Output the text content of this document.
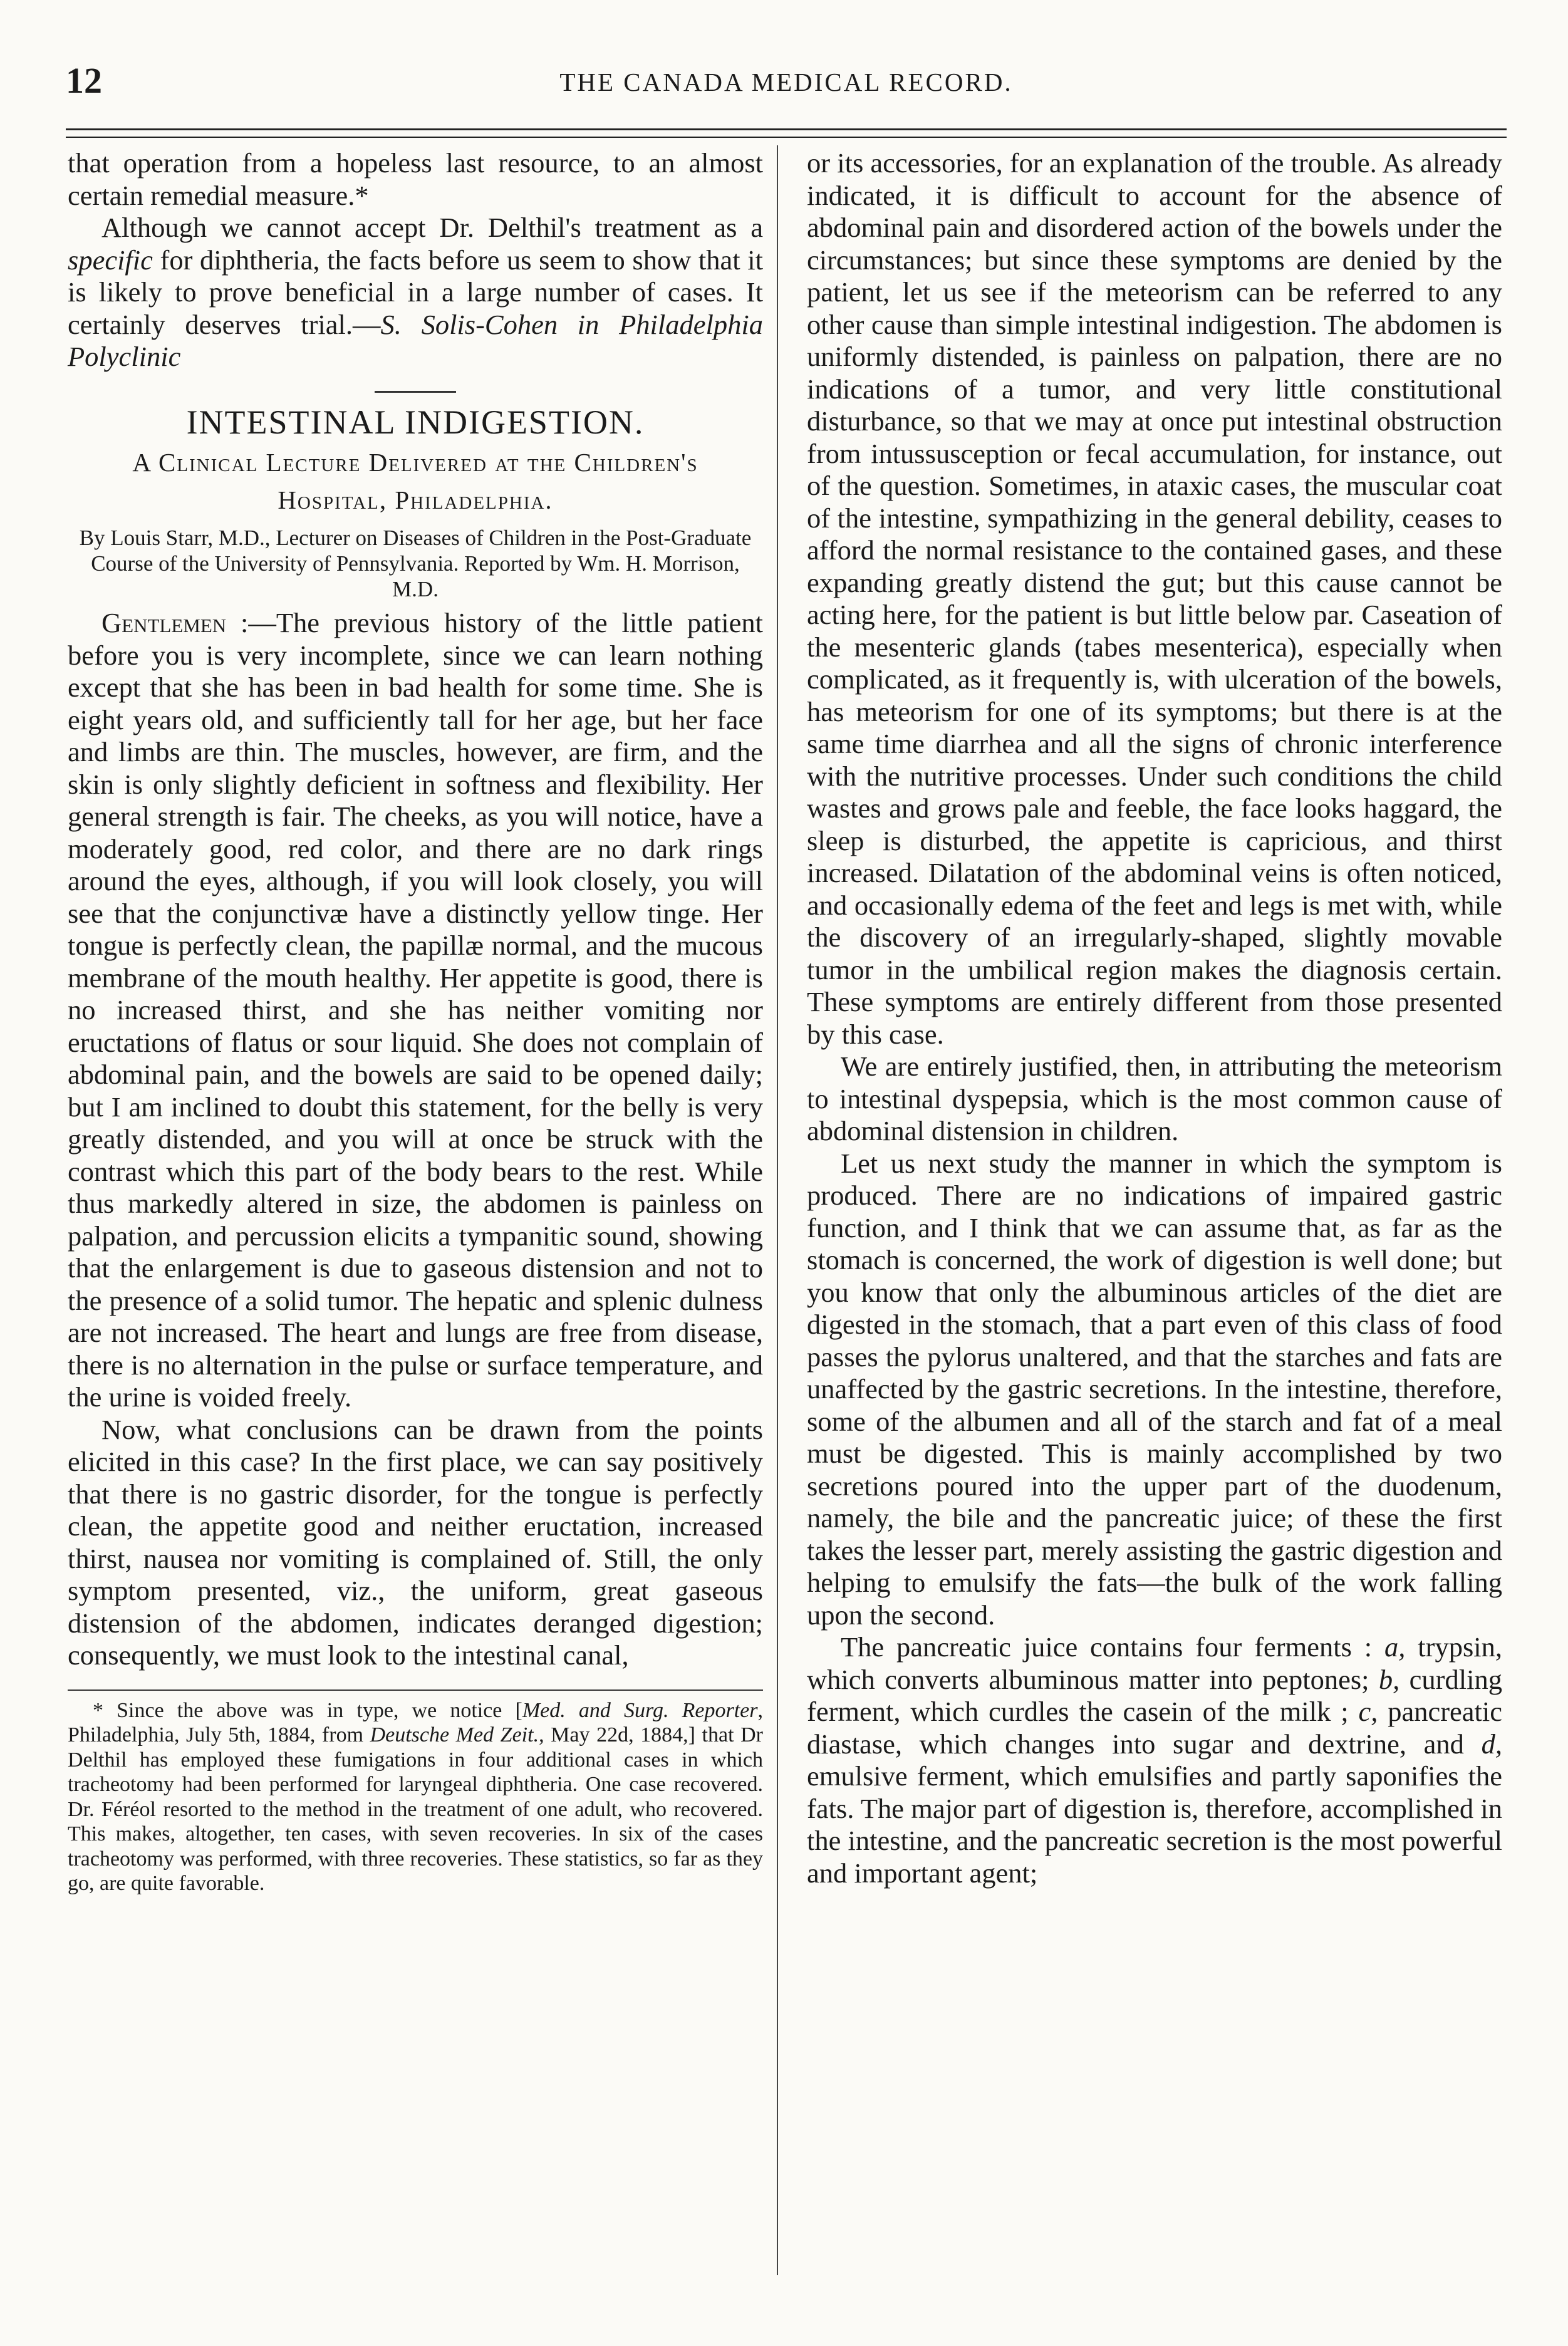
12	THE CANADA MEDICAL RECORD.

that operation from a hopeless last resource, to an almost certain remedial measure.*

Although we cannot accept Dr. Delthil's treatment as a specific for diphtheria, the facts before us seem to show that it is likely to prove beneficial in a large number of cases. It certainly deserves trial.—S. Solis-Cohen in Philadelphia Polyclinic

INTESTINAL INDIGESTION.
A Clinical Lecture Delivered at the Children's Hospital, Philadelphia.
By Louis Starr, M.D., Lecturer on Diseases of Children in the Post-Graduate Course of the University of Pennsylvania. Reported by Wm. H. Morrison, M.D.

Gentlemen :—The previous history of the little patient before you is very incomplete, since we can learn nothing except that she has been in bad health for some time. She is eight years old, and sufficiently tall for her age, but her face and limbs are thin. The muscles, however, are firm, and the skin is only slightly deficient in softness and flexibility. Her general strength is fair. The cheeks, as you will notice, have a moderately good, red color, and there are no dark rings around the eyes, although, if you will look closely, you will see that the conjunctivæ have a distinctly yellow tinge. Her tongue is perfectly clean, the papillæ normal, and the mucous membrane of the mouth healthy. Her appetite is good, there is no increased thirst, and she has neither vomiting nor eructations of flatus or sour liquid. She does not complain of abdominal pain, and the bowels are said to be opened daily; but I am inclined to doubt this statement, for the belly is very greatly distended, and you will at once be struck with the contrast which this part of the body bears to the rest. While thus markedly altered in size, the abdomen is painless on palpation, and percussion elicits a tympanitic sound, showing that the enlargement is due to gaseous distension and not to the presence of a solid tumor. The hepatic and splenic dulness are not increased. The heart and lungs are free from disease, there is no alternation in the pulse or surface temperature, and the urine is voided freely.

Now, what conclusions can be drawn from the points elicited in this case? In the first place, we can say positively that there is no gastric disorder, for the tongue is perfectly clean, the appetite good and neither eructation, increased thirst, nausea nor vomiting is complained of. Still, the only symptom presented, viz., the uniform, great gaseous distension of the abdomen, indicates deranged digestion; consequently, we must look to the intestinal canal,

* Since the above was in type, we notice [Med. and Surg. Reporter, Philadelphia, July 5th, 1884, from Deutsche Med Zeit., May 22d, 1884,] that Dr Delthil has employed these fumigations in four additional cases in which tracheotomy had been performed for laryngeal diphtheria. One case recovered. Dr. Féréol resorted to the method in the treatment of one adult, who recovered. This makes, altogether, ten cases, with seven recoveries. In six of the cases tracheotomy was performed, with three recoveries. These statistics, so far as they go, are quite favorable.

or its accessories, for an explanation of the trouble. As already indicated, it is difficult to account for the absence of abdominal pain and disordered action of the bowels under the circumstances; but since these symptoms are denied by the patient, let us see if the meteorism can be referred to any other cause than simple intestinal indigestion. The abdomen is uniformly distended, is painless on palpation, there are no indications of a tumor, and very little constitutional disturbance, so that we may at once put intestinal obstruction from intussusception or fecal accumulation, for instance, out of the question. Sometimes, in ataxic cases, the muscular coat of the intestine, sympathizing in the general debility, ceases to afford the normal resistance to the contained gases, and these expanding greatly distend the gut; but this cause cannot be acting here, for the patient is but little below par. Caseation of the mesenteric glands (tabes mesenterica), especially when complicated, as it frequently is, with ulceration of the bowels, has meteorism for one of its symptoms; but there is at the same time diarrhea and all the signs of chronic interference with the nutritive processes. Under such conditions the child wastes and grows pale and feeble, the face looks haggard, the sleep is disturbed, the appetite is capricious, and thirst increased. Dilatation of the abdominal veins is often noticed, and occasionally edema of the feet and legs is met with, while the discovery of an irregularly-shaped, slightly movable tumor in the umbilical region makes the diagnosis certain. These symptoms are entirely different from those presented by this case.

We are entirely justified, then, in attributing the meteorism to intestinal dyspepsia, which is the most common cause of abdominal distension in children.

Let us next study the manner in which the symptom is produced. There are no indications of impaired gastric function, and I think that we can assume that, as far as the stomach is concerned, the work of digestion is well done; but you know that only the albuminous articles of the diet are digested in the stomach, that a part even of this class of food passes the pylorus unaltered, and that the starches and fats are unaffected by the gastric secretions. In the intestine, therefore, some of the albumen and all of the starch and fat of a meal must be digested. This is mainly accomplished by two secretions poured into the upper part of the duodenum, namely, the bile and the pancreatic juice; of these the first takes the lesser part, merely assisting the gastric digestion and helping to emulsify the fats—the bulk of the work falling upon the second.

The pancreatic juice contains four ferments : a, trypsin, which converts albuminous matter into peptones; b, curdling ferment, which curdles the casein of the milk ; c, pancreatic diastase, which changes into sugar and dextrine, and d, emulsive ferment, which emulsifies and partly saponifies the fats. The major part of digestion is, therefore, accomplished in the intestine, and the pancreatic secretion is the most powerful and important agent;
